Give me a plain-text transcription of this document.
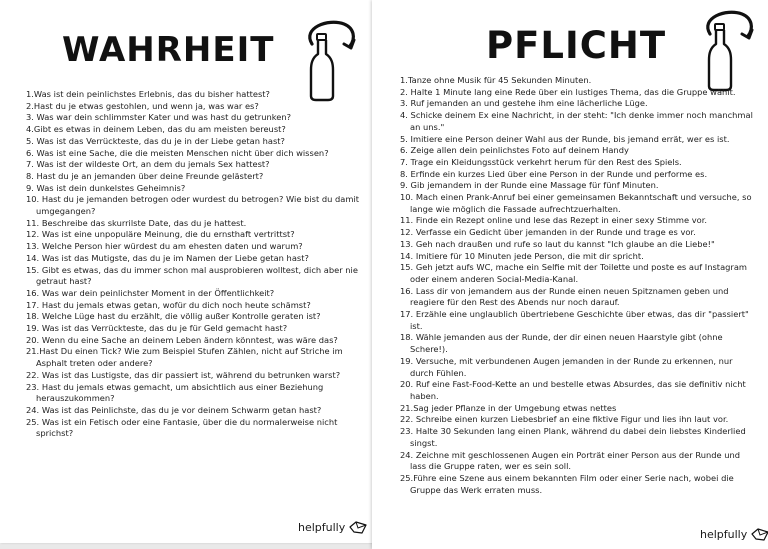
WAHRHEIT
1.Was ist dein peinlichstes Erlebnis, das du bisher hattest?
2.Hast du je etwas gestohlen, und wenn ja, was war es?
3. Was war dein schlimmster Kater und was hast du getrunken?
4.Gibt es etwas in deinem Leben, das du am meisten bereust?
5. Was ist das Verrückteste, das du je in der Liebe getan hast?
6. Was ist eine Sache, die die meisten Menschen nicht über dich wissen?
7. Was ist der wildeste Ort, an dem du jemals Sex hattest?
8. Hast du je an jemanden über deine Freunde gelästert?
9. Was ist dein dunkelstes Geheimnis?
10. Hast du je jemanden betrogen oder wurdest du betrogen? Wie bist du damit umgegangen?
11. Beschreibe das skurrilste Date, das du je hattest.
12. Was ist eine unpopuläre Meinung, die du ernsthaft vertrittst?
13. Welche Person hier würdest du am ehesten daten und warum?
14. Was ist das Mutigste, das du je im Namen der Liebe getan hast?
15. Gibt es etwas, das du immer schon mal ausprobieren wolltest, dich aber nie getraut hast?
16. Was war dein peinlichster Moment in der Öffentlichkeit?
17. Hast du jemals etwas getan, wofür du dich noch heute schämst?
18. Welche Lüge hast du erzählt, die völlig außer Kontrolle geraten ist?
19. Was ist das Verrückteste, das du je für Geld gemacht hast?
20. Wenn du eine Sache an deinem Leben ändern könntest, was wäre das?
21.Hast Du einen Tick? Wie zum Beispiel Stufen Zählen, nicht auf Striche im Asphalt treten oder andere?
22. Was ist das Lustigste, das dir passiert ist, während du betrunken warst?
23. Hast du jemals etwas gemacht, um absichtlich aus einer Beziehung herauszukommen?
24. Was ist das Peinlichste, das du je vor deinem Schwarm getan hast?
25. Was ist ein Fetisch oder eine Fantasie, über die du normalerweise nicht sprichst?
helpfully
PFLICHT
1.Tanze ohne Musik für 45 Sekunden Minuten.
2. Halte 1 Minute lang eine Rede über ein lustiges Thema, das die Gruppe wählt.
3. Ruf jemanden an und gestehe ihm eine lächerliche Lüge.
4. Schicke deinem Ex eine Nachricht, in der steht: "Ich denke immer noch manchmal an uns."
5. Imitiere eine Person deiner Wahl aus der Runde, bis jemand errät, wer es ist.
6. Zeige allen dein peinlichstes Foto auf deinem Handy
7. Trage ein Kleidungsstück verkehrt herum für den Rest des Spiels.
8. Erfinde ein kurzes Lied über eine Person in der Runde und performe es.
9. Gib jemandem in der Runde eine Massage für fünf Minuten.
10. Mach einen Prank-Anruf bei einer gemeinsamen Bekanntschaft und versuche, so lange wie möglich die Fassade aufrechtzuerhalten.
11. Finde ein Rezept online und lese das Rezept in einer sexy Stimme vor.
12. Verfasse ein Gedicht über jemanden in der Runde und trage es vor.
13. Geh nach draußen und rufe so laut du kannst "Ich glaube an die Liebe!"
14. Imitiere für 10 Minuten jede Person, die mit dir spricht.
15. Geh jetzt aufs WC, mache ein Selfie mit der Toilette und poste es auf Instagram oder einem anderen Social-Media-Kanal.
16. Lass dir von jemandem aus der Runde einen neuen Spitznamen geben und reagiere für den Rest des Abends nur noch darauf.
17. Erzähle eine unglaublich übertriebene Geschichte über etwas, das dir "passiert" ist.
18. Wähle jemanden aus der Runde, der dir einen neuen Haarstyle gibt (ohne Schere!).
19. Versuche, mit verbundenen Augen jemanden in der Runde zu erkennen, nur durch Fühlen.
20. Ruf eine Fast-Food-Kette an und bestelle etwas Absurdes, das sie definitiv nicht haben.
21.Sag jeder Pflanze in der Umgebung etwas nettes
22. Schreibe einen kurzen Liebesbrief an eine fiktive Figur und lies ihn laut vor.
23. Halte 30 Sekunden lang einen Plank, während du dabei dein liebstes Kinderlied singst.
24. Zeichne mit geschlossenen Augen ein Porträt einer Person aus der Runde und lass die Gruppe raten, wer es sein soll.
25.Führe eine Szene aus einem bekannten Film oder einer Serie nach, wobei die Gruppe das Werk erraten muss.
helpfully
